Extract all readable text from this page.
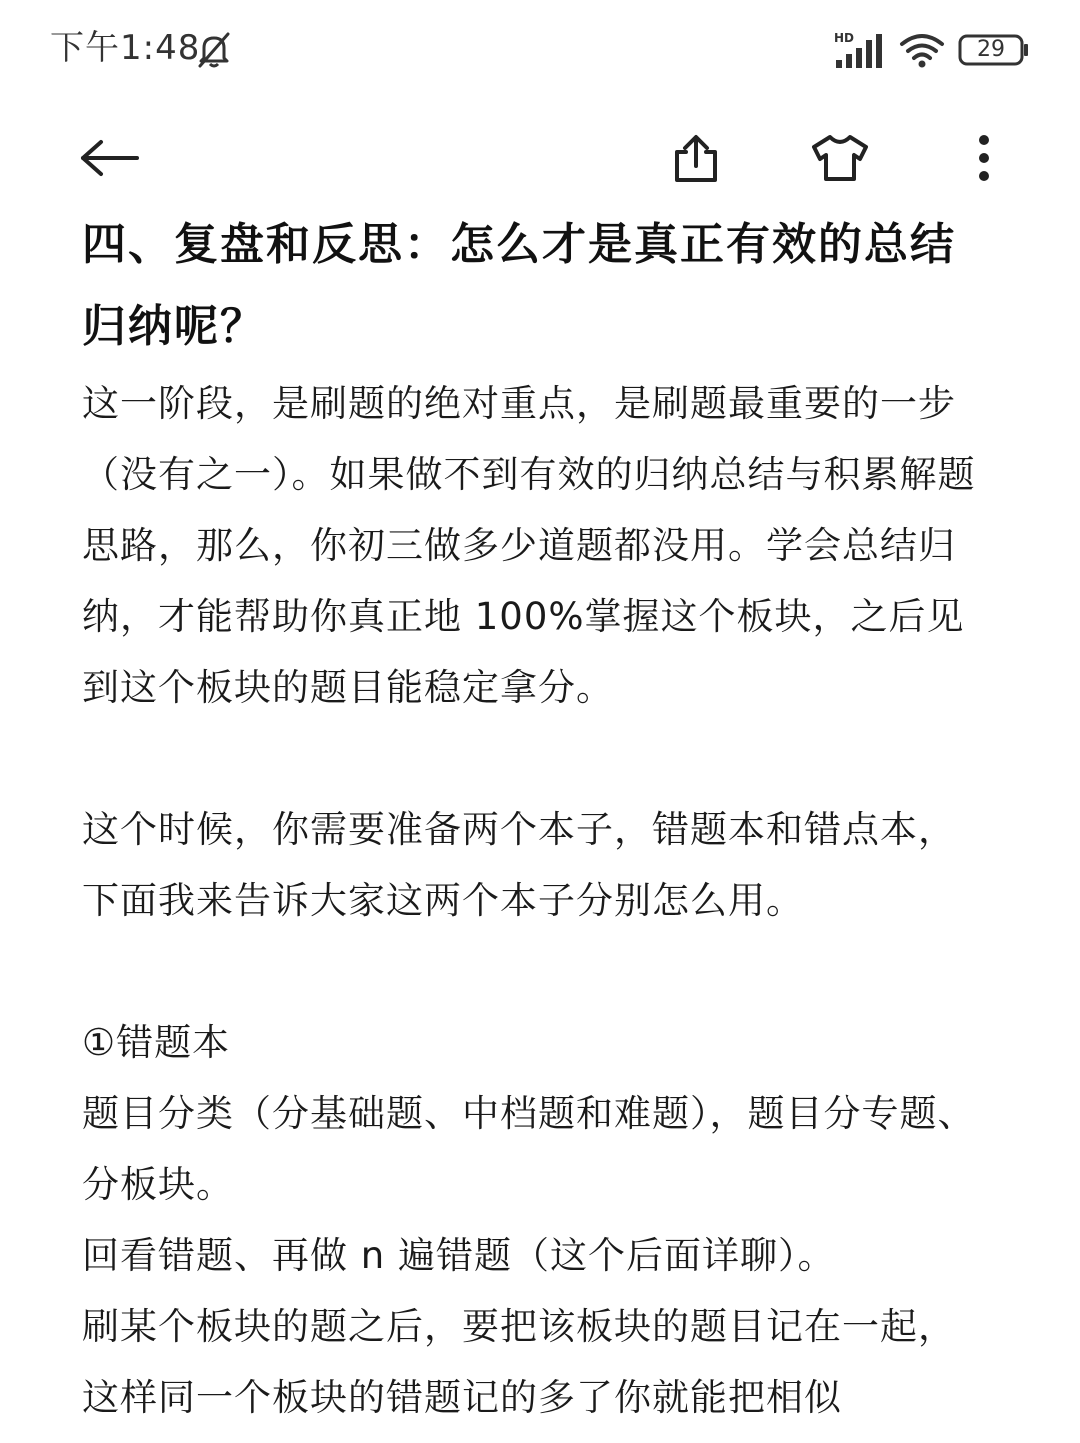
下午1:48	HD	29
四、复盘和反思：怎么才是真正有效的总结归纳呢？

这一阶段，是刷题的绝对重点，是刷题最重要的一步（没有之一）。如果做不到有效的归纳总结与积累解题思路，那么，你初三做多少道题都没用。学会总结归纳，才能帮助你真正地 100%掌握这个板块，之后见到这个板块的题目能稳定拿分。

这个时候，你需要准备两个本子，错题本和错点本，下面我来告诉大家这两个本子分别怎么用。

①错题本

题目分类（分基础题、中档题和难题），题目分专题、分板块。

回看错题、再做 n 遍错题（这个后面详聊）。

刷某个板块的题之后，要把该板块的题目记在一起，这样同一个板块的错题记的多了你就能把相似
